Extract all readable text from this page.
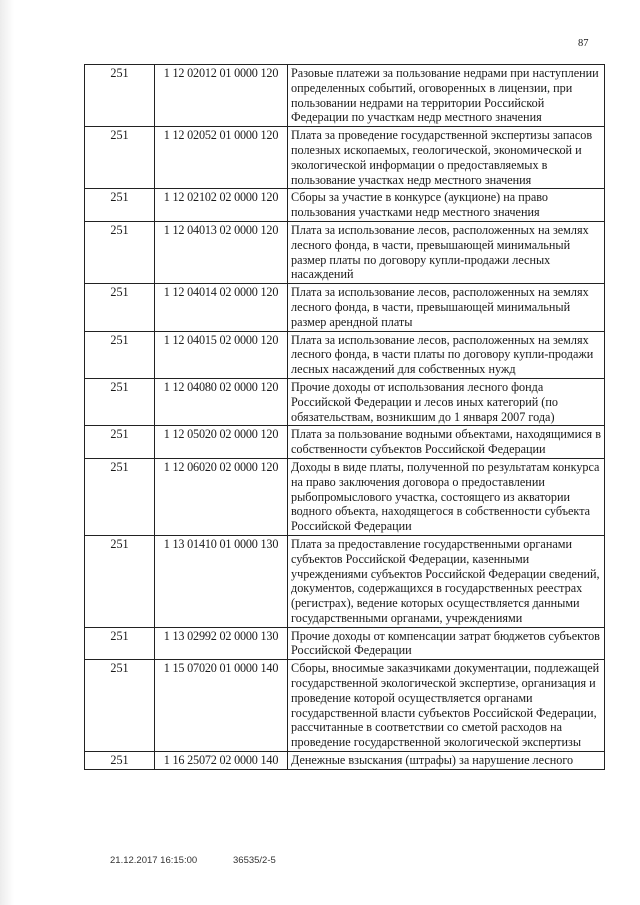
87
251	1 12 02012 01 0000 120	Разовые платежи за пользование недрами при наступлении определенных событий, оговоренных в лицензии, при пользовании недрами на территории Российской Федерации по участкам недр местного значения
251	1 12 02052 01 0000 120	Плата за проведение государственной экспертизы запасов полезных ископаемых, геологической, экономической и экологической информации о предоставляемых в пользование участках недр местного значения
251	1 12 02102 02 0000 120	Сборы за участие в конкурсе (аукционе) на право пользования участками недр местного значения
251	1 12 04013 02 0000 120	Плата за использование лесов, расположенных на землях лесного фонда, в части, превышающей минимальный размер платы по договору купли-продажи лесных насаждений
251	1 12 04014 02 0000 120	Плата за использование лесов, расположенных на землях лесного фонда, в части, превышающей минимальный размер арендной платы
251	1 12 04015 02 0000 120	Плата за использование лесов, расположенных на землях лесного фонда, в части платы по договору купли-продажи лесных насаждений для собственных нужд
251	1 12 04080 02 0000 120	Прочие доходы от использования лесного фонда Российской Федерации и лесов иных категорий (по обязательствам, возникшим до 1 января 2007 года)
251	1 12 05020 02 0000 120	Плата за пользование водными объектами, находящимися в собственности субъектов Российской Федерации
251	1 12 06020 02 0000 120	Доходы в виде платы, полученной по результатам конкурса на право заключения договора о предоставлении рыбопромыслового участка, состоящего из акватории водного объекта, находящегося в собственности субъекта Российской Федерации
251	1 13 01410 01 0000 130	Плата за предоставление государственными органами субъектов Российской Федерации, казенными учреждениями субъектов Российской Федерации сведений, документов, содержащихся в государственных реестрах (регистрах), ведение которых осуществляется данными государственными органами, учреждениями
251	1 13 02992 02 0000 130	Прочие доходы от компенсации затрат бюджетов субъектов Российской Федерации
251	1 15 07020 01 0000 140	Сборы, вносимые заказчиками документации, подлежащей государственной экологической экспертизе, организация и проведение которой осуществляется органами государственной власти субъектов Российской Федерации, рассчитанные в соответствии со сметой расходов на проведение государственной экологической экспертизы
251	1 16 25072 02 0000 140	Денежные взыскания (штрафы) за нарушение лесного
21.12.2017 16:15:00	36535/2-5
